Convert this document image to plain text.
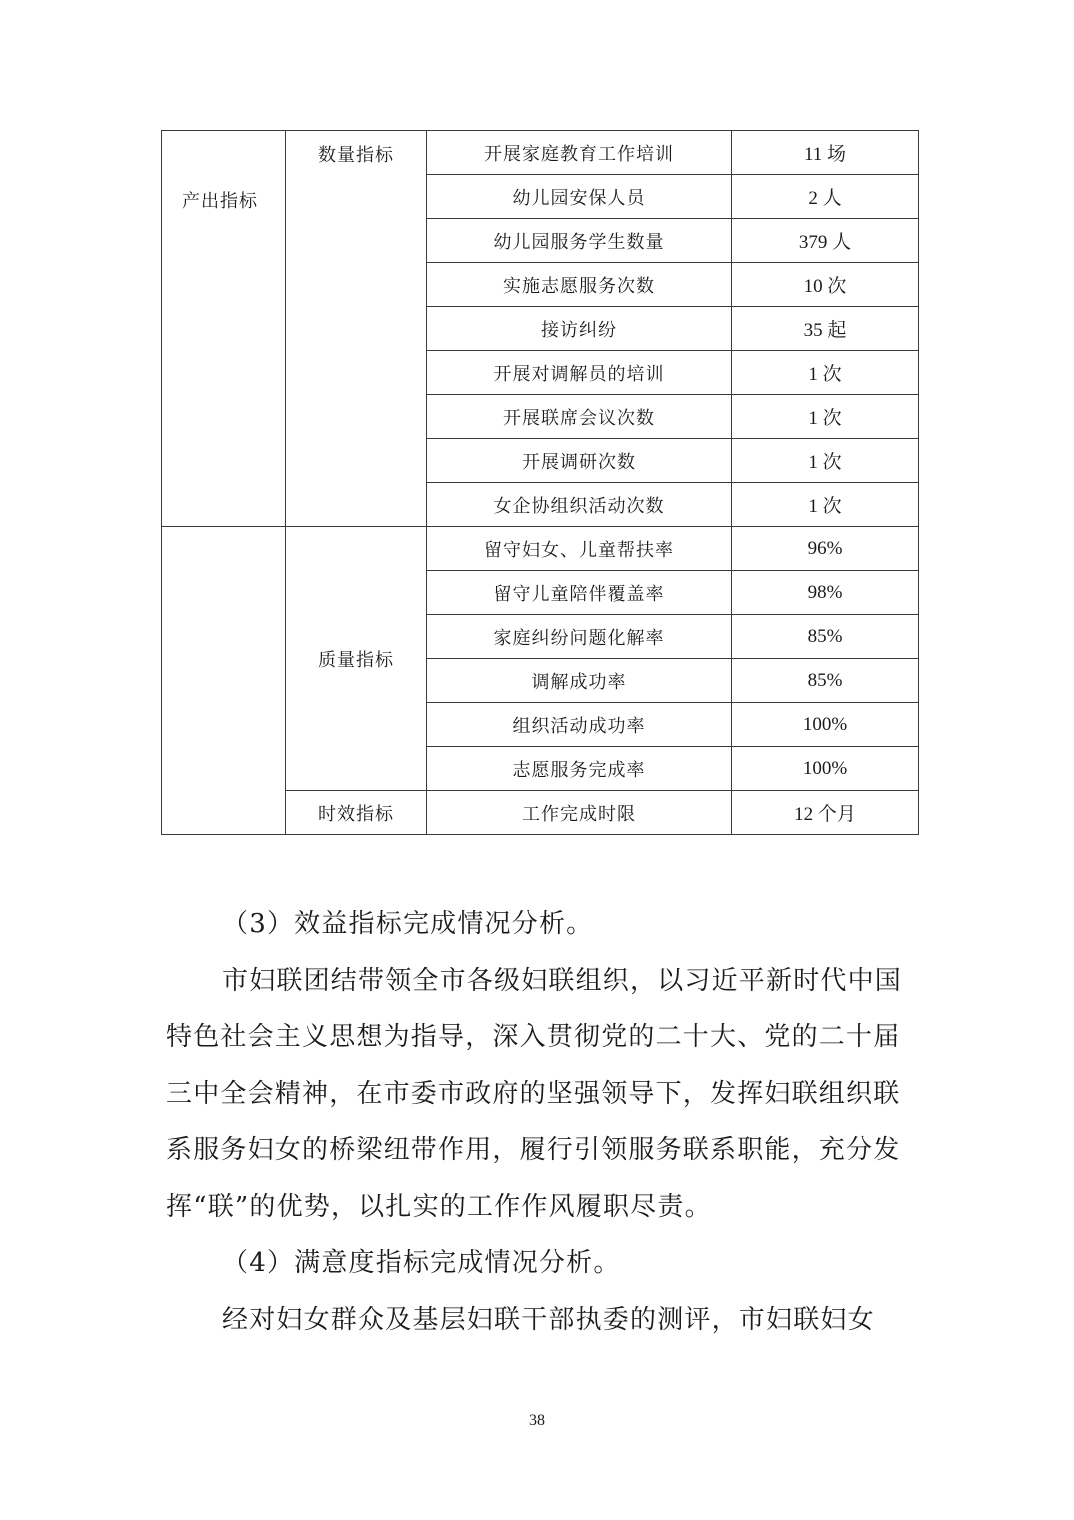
产出指标	数量指标	开展家庭教育工作培训	11 场
		幼儿园安保人员	2 人
		幼儿园服务学生数量	379 人
		实施志愿服务次数	10 次
		接访纠纷	35 起
		开展对调解员的培训	1 次
		开展联席会议次数	1 次
		开展调研次数	1 次
		女企协组织活动次数	1 次
	质量指标	留守妇女、儿童帮扶率	96%
		留守儿童陪伴覆盖率	98%
		家庭纠纷问题化解率	85%
		调解成功率	85%
		组织活动成功率	100%
		志愿服务完成率	100%
	时效指标	工作完成时限	12 个月

（3）效益指标完成情况分析。

市妇联团结带领全市各级妇联组织，以习近平新时代中国特色社会主义思想为指导，深入贯彻党的二十大、党的二十届三中全会精神，在市委市政府的坚强领导下，发挥妇联组织联系服务妇女的桥梁纽带作用，履行引领服务联系职能，充分发挥“联”的优势，以扎实的工作作风履职尽责。

（4）满意度指标完成情况分析。

经对妇女群众及基层妇联干部执委的测评，市妇联妇女

38
